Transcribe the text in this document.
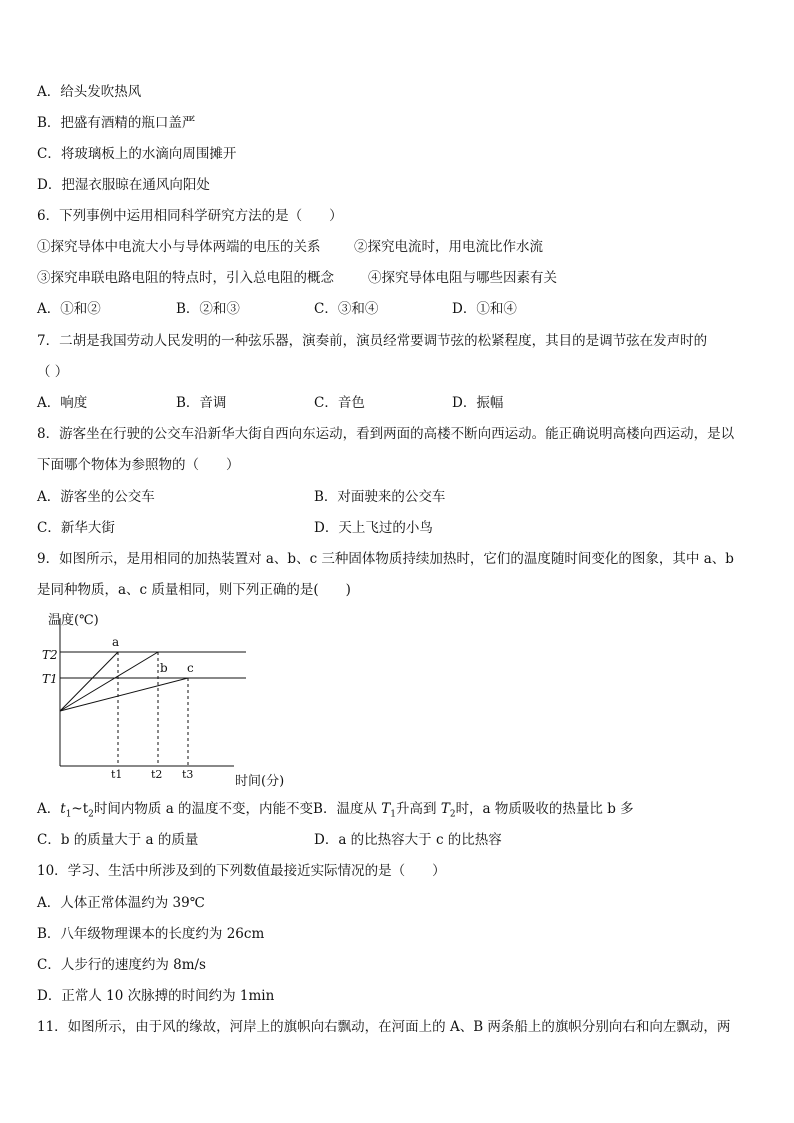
A．给头发吹热风
B．把盛有酒精的瓶口盖严
C．将玻璃板上的水滴向周围摊开
D．把湿衣服晾在通风向阳处
6．下列事例中运用相同科学研究方法的是（　　）
①探究导体中电流大小与导体两端的电压的关系 ②探究电流时，用电流比作水流
③探究串联电路电阻的特点时，引入总电阻的概念	④探究导体电阻与哪些因素有关
A．①和②	B．②和③	C．③和④	D．①和④
7．二胡是我国劳动人民发明的一种弦乐器，演奏前，演员经常要调节弦的松紧程度，其目的是调节弦在发声时的
（ ）
A．响度	B．音调	C．音色	D．振幅
8．游客坐在行驶的公交车沿新华大街自西向东运动，看到两面的高楼不断向西运动。能正确说明高楼向西运动，是以
下面哪个物体为参照物的（　　）
A．游客坐的公交车	B．对面驶来的公交车
C．新华大街	D．天上飞过的小鸟
9．如图所示，是用相同的加热装置对 a、b、c 三种固体物质持续加热时，它们的温度随时间变化的图象，其中 a、b
是同种物质，a、c 质量相同，则下列正确的是(　　)
温度(℃)
时间(分)
T2
T1
a
b c
t1	t2 t3
A．$t_1\sim t_2$时间内物质 a 的温度不变，内能不变B．温度从 $T_1$升高到 $T_2$时，a 物质吸收的热量比 b 多
C．b 的质量大于 a 的质量	D．a 的比热容大于 c 的比热容
10．学习、生活中所涉及到的下列数值最接近实际情况的是（　　）
A．人体正常体温约为 39℃
B．八年级物理课本的长度约为 26cm
C．人步行的速度约为 8m/s
D．正常人 10 次脉搏的时间约为 1min
11．如图所示，由于风的缘故，河岸上的旗帜向右飘动，在河面上的 A、B 两条船上的旗帜分别向右和向左飘动，两
